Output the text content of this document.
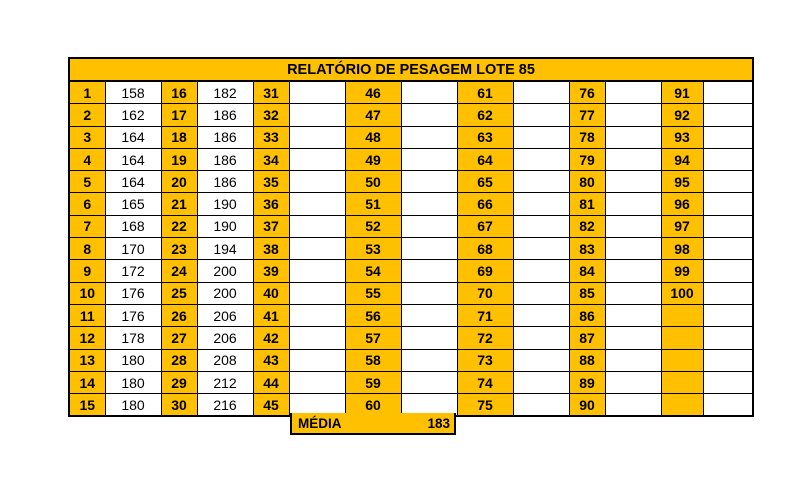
RELATÓRIO DE PESAGEM LOTE 85													
1	158	16	182	31		46		61		76		91	
2	162	17	186	32		47		62		77		92	
3	164	18	186	33		48		63		78		93	
4	164	19	186	34		49		64		79		94	
5	164	20	186	35		50		65		80		95	
6	165	21	190	36		51		66		81		96	
7	168	22	190	37		52		67		82		97	
8	170	23	194	38		53		68		83		98	
9	172	24	200	39		54		69		84		99	
10	176	25	200	40		55		70		85		100	
11	176	26	206	41		56		71		86			
12	178	27	206	42		57		72		87			
13	180	28	208	43		58		73		88			
14	180	29	212	44		59		74		89			
15	180	30	216	45		60		75		90			
MÉDIA	183
